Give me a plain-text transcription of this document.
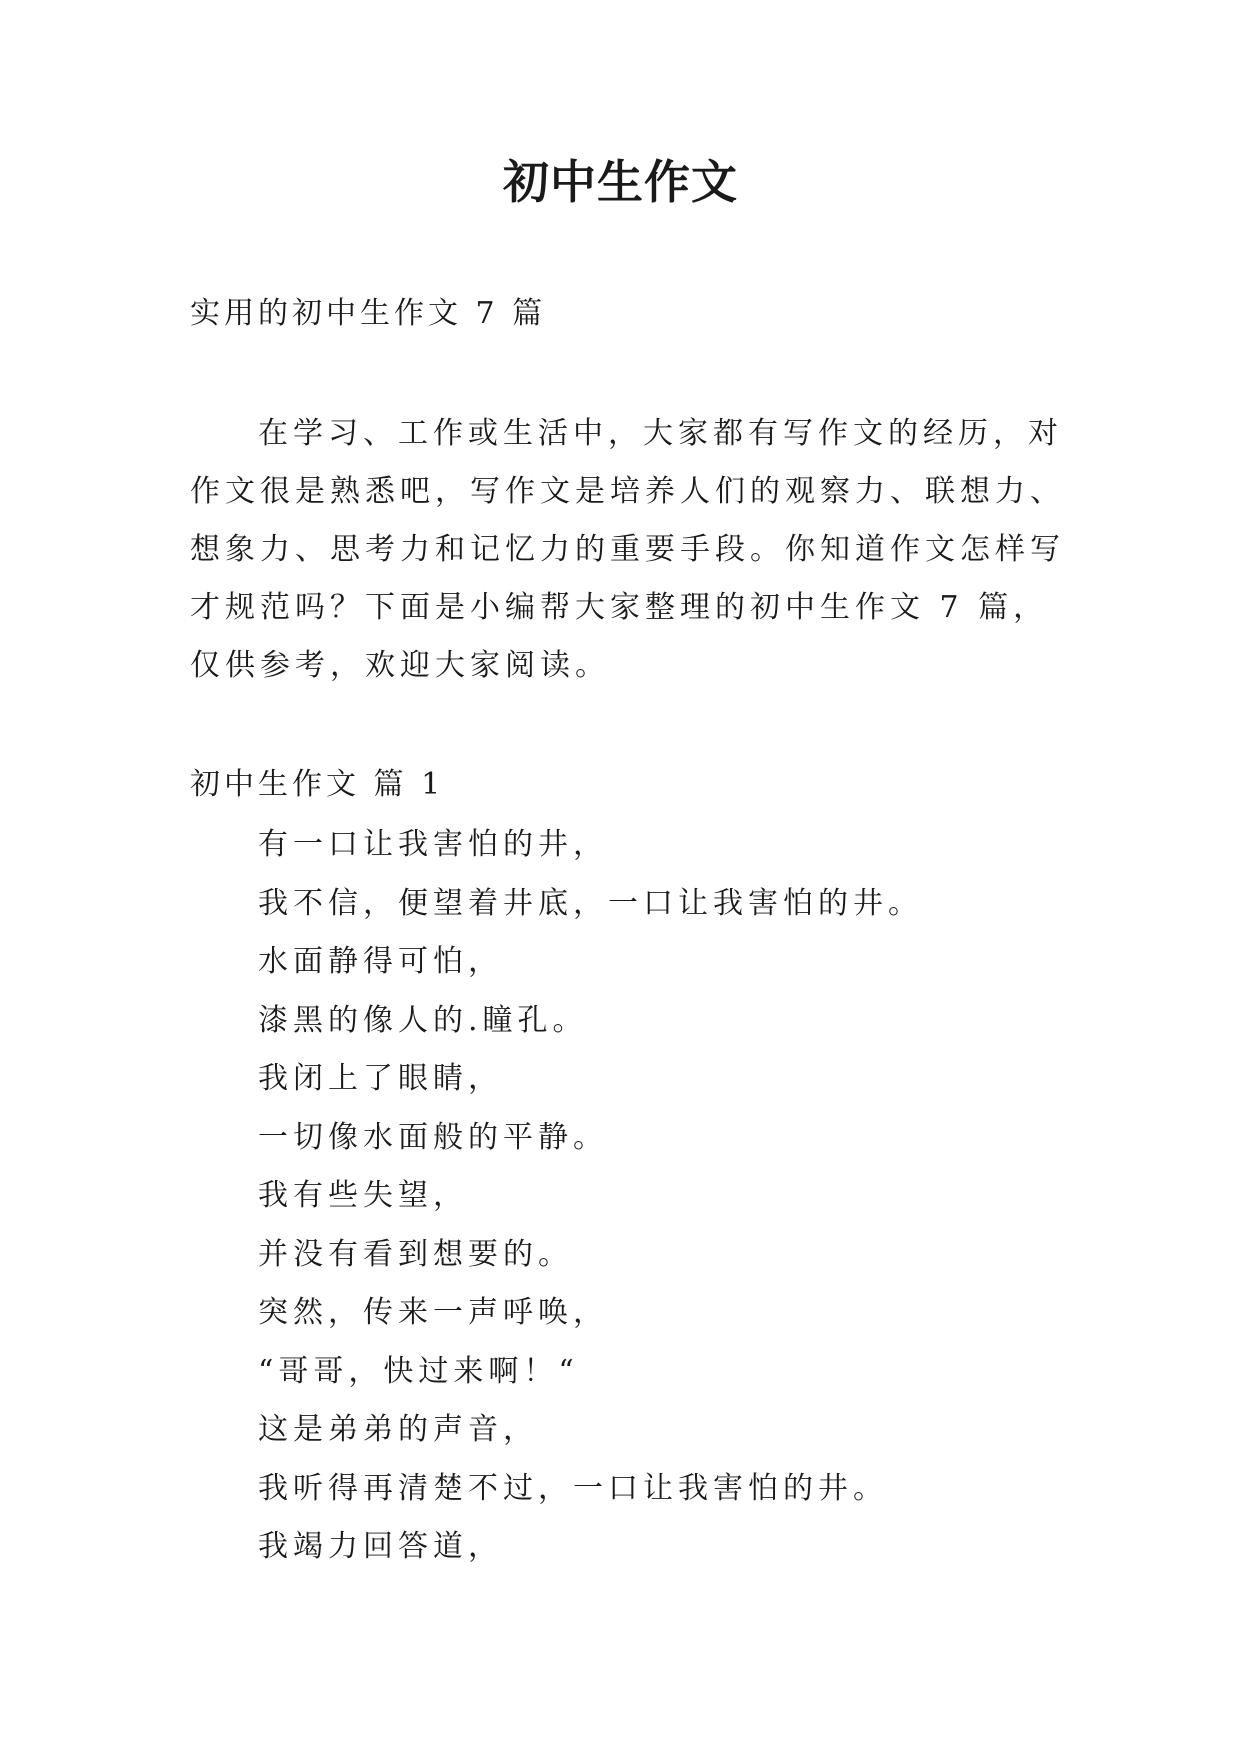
初中生作文
实用的初中生作文 7 篇

在学习、工作或生活中，大家都有写作文的经历，对作文很是熟悉吧，写作文是培养人们的观察力、联想力、想象力、思考力和记忆力的重要手段。你知道作文怎样写才规范吗？下面是小编帮大家整理的初中生作文 7 篇，仅供参考，欢迎大家阅读。

初中生作文 篇 1
有一口让我害怕的井，
我不信，便望着井底，一口让我害怕的井。
水面静得可怕，
漆黑的像人的.瞳孔。
我闭上了眼睛，
一切像水面般的平静。
我有些失望，
并没有看到想要的。
突然，传来一声呼唤，
“哥哥，快过来啊！“
这是弟弟的声音，
我听得再清楚不过，一口让我害怕的井。
我竭力回答道，
